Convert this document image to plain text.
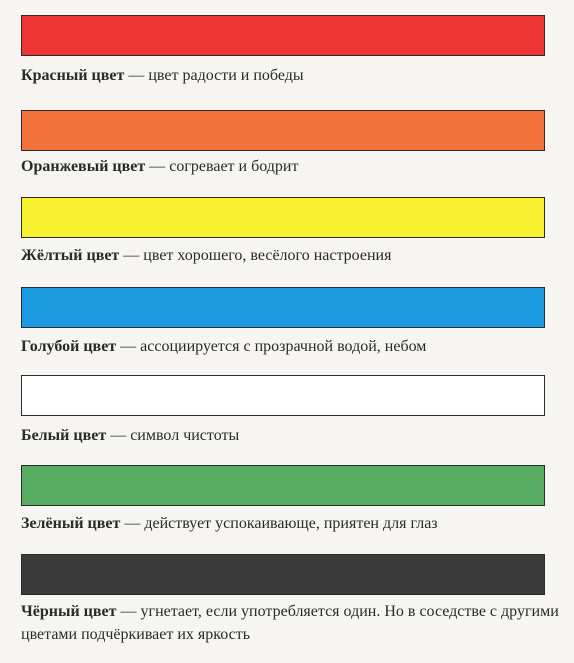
Красный цвет — цвет радости и победы
Оранжевый цвет — согревает и бодрит
Жёлтый цвет — цвет хорошего, весёлого настроения
Голубой цвет — ассоциируется с прозрачной водой, небом
Белый цвет — символ чистоты
Зелёный цвет — действует успокаивающе, приятен для глаз
Чёрный цвет — угнетает, если употребляется один. Но в соседстве с другими цветами подчёркивает их яркость
